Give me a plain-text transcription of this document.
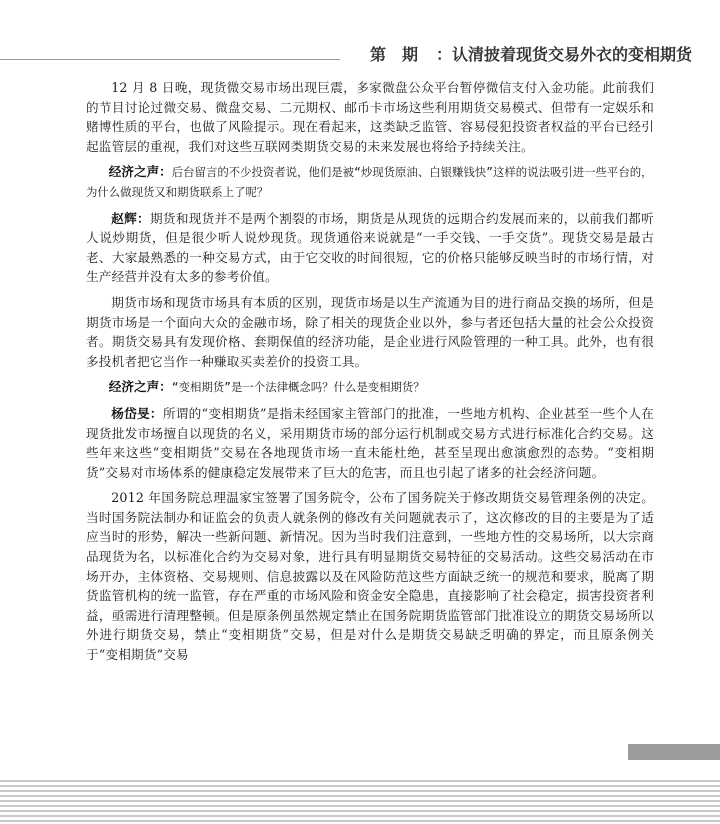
第　期 ：认清披着现货交易外衣的变相期货

12 月 8 日晚，现货微交易市场出现巨震，多家微盘公众平台暂停微信支付入金功能。此前我们的节目讨论过微交易、微盘交易、二元期权、邮币卡市场这些利用期货交易模式、但带有一定娱乐和赌博性质的平台，也做了风险提示。现在看起来，这类缺乏监管、容易侵犯投资者权益的平台已经引起监管层的重视，我们对这些互联网类期货交易的未来发展也将给予持续关注。

经济之声：后台留言的不少投资者说，他们是被“炒现货原油、白银赚钱快”这样的说法吸引进一些平台的，为什么做现货又和期货联系上了呢？

赵辉：期货和现货并不是两个割裂的市场，期货是从现货的远期合约发展而来的，以前我们都听人说炒期货，但是很少听人说炒现货。现货通俗来说就是“一手交钱、一手交货”。现货交易是最古老、大家最熟悉的一种交易方式，由于它交收的时间很短，它的价格只能够反映当时的市场行情，对生产经营并没有太多的参考价值。

期货市场和现货市场具有本质的区别，现货市场是以生产流通为目的进行商品交换的场所，但是期货市场是一个面向大众的金融市场，除了相关的现货企业以外，参与者还包括大量的社会公众投资者。期货交易具有发现价格、套期保值的经济功能，是企业进行风险管理的一种工具。此外，也有很多投机者把它当作一种赚取买卖差价的投资工具。

经济之声：“变相期货”是一个法律概念吗？什么是变相期货？

杨岱旻：所谓的“变相期货”是指未经国家主管部门的批准，一些地方机构、企业甚至一些个人在现货批发市场擅自以现货的名义，采用期货市场的部分运行机制或交易方式进行标准化合约交易。这些年来这些“变相期货”交易在各地现货市场一直未能杜绝，甚至呈现出愈演愈烈的态势。“变相期货”交易对市场体系的健康稳定发展带来了巨大的危害，而且也引起了诸多的社会经济问题。

2012 年国务院总理温家宝签署了国务院令，公布了国务院关于修改期货交易管理条例的决定。当时国务院法制办和证监会的负责人就条例的修改有关问题就表示了，这次修改的目的主要是为了适应当时的形势，解决一些新问题、新情况。因为当时我们注意到，一些地方性的交易场所，以大宗商品现货为名，以标准化合约为交易对象，进行具有明显期货交易特征的交易活动。这些交易活动在市场开办，主体资格、交易规则、信息披露以及在风险防范这些方面缺乏统一的规范和要求，脱离了期货监管机构的统一监管，存在严重的市场风险和资金安全隐患，直接影响了社会稳定，损害投资者利益，亟需进行清理整顿。但是原条例虽然规定禁止在国务院期货监管部门批准设立的期货交易场所以外进行期货交易，禁止“变相期货”交易，但是对什么是期货交易缺乏明确的界定，而且原条例关于“变相期货”交易
